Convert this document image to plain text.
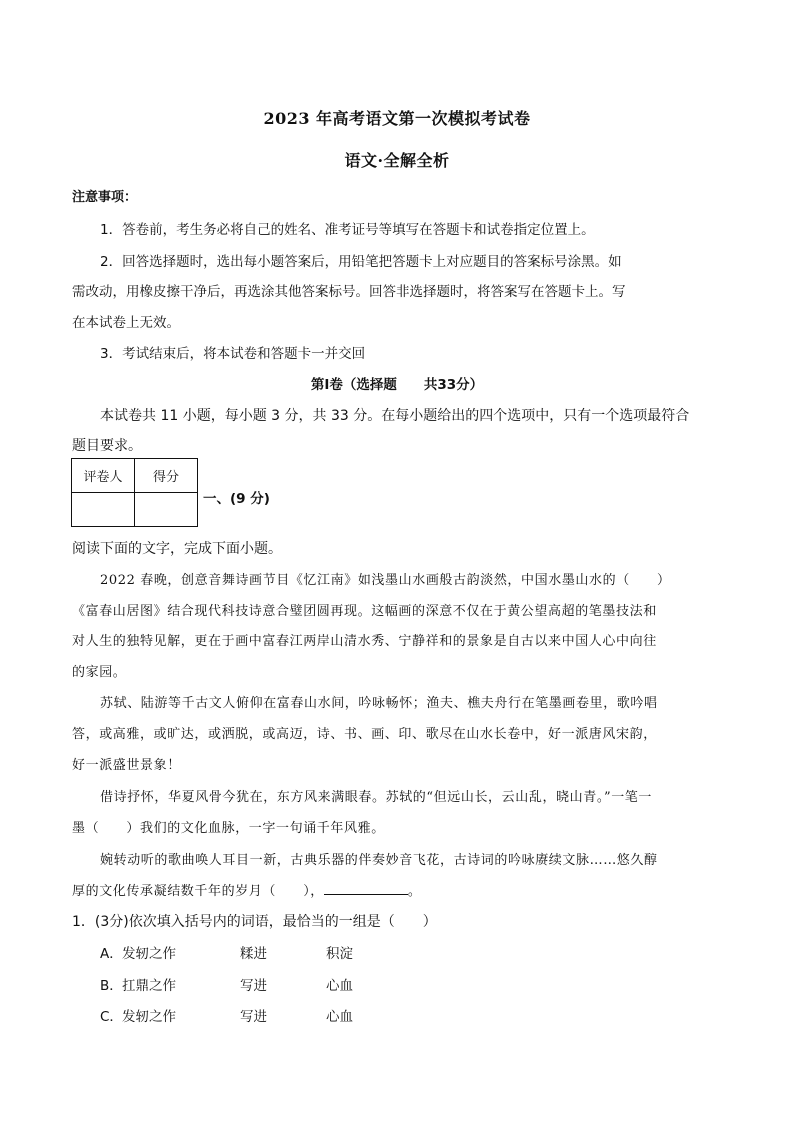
2023 年高考语文第一次模拟考试卷
语文·全解全析
注意事项：
1．答卷前，考生务必将自己的姓名、准考证号等填写在答题卡和试卷指定位置上。
2．回答选择题时，选出每小题答案后，用铅笔把答题卡上对应题目的答案标号涂黑。如
需改动，用橡皮擦干净后，再选涂其他答案标号。回答非选择题时，将答案写在答题卡上。写
在本试卷上无效。
3．考试结束后，将本试卷和答题卡一并交回
第Ⅰ卷（选择题　　共33分）
本试卷共 11 小题，每小题 3 分，共 33 分。在每小题给出的四个选项中，只有一个选项最符合
题目要求。
评卷人	得分

一、(9 分)
阅读下面的文字，完成下面小题。
2022 春晚，创意音舞诗画节目《忆江南》如浅墨山水画般古韵淡然，中国水墨山水的（　　）
《富春山居图》结合现代科技诗意合璧团圆再现。这幅画的深意不仅在于黄公望高超的笔墨技法和
对人生的独特见解，更在于画中富春江两岸山清水秀、宁静祥和的景象是自古以来中国人心中向往
的家园。
苏轼、陆游等千古文人俯仰在富春山水间，吟咏畅怀；渔夫、樵夫舟行在笔墨画卷里，歌吟唱
答，或高雅，或旷达，或洒脱，或高迈，诗、书、画、印、歌尽在山水长卷中，好一派唐风宋韵，
好一派盛世景象！
借诗抒怀，华夏风骨今犹在，东方风来满眼春。苏轼的“但远山长，云山乱，晓山青。”一笔一
墨（　　）我们的文化血脉，一字一句诵千年风雅。
婉转动听的歌曲唤人耳目一新，古典乐器的伴奏妙音飞花，古诗词的吟咏赓续文脉……悠久醇
厚的文化传承凝结数千年的岁月（　　），	。
1．(3分)依次填入括号内的词语，最恰当的一组是（　　）
A． 发轫之作	糅进	积淀
B． 扛鼎之作	写进	心血
C． 发轫之作	写进	心血
